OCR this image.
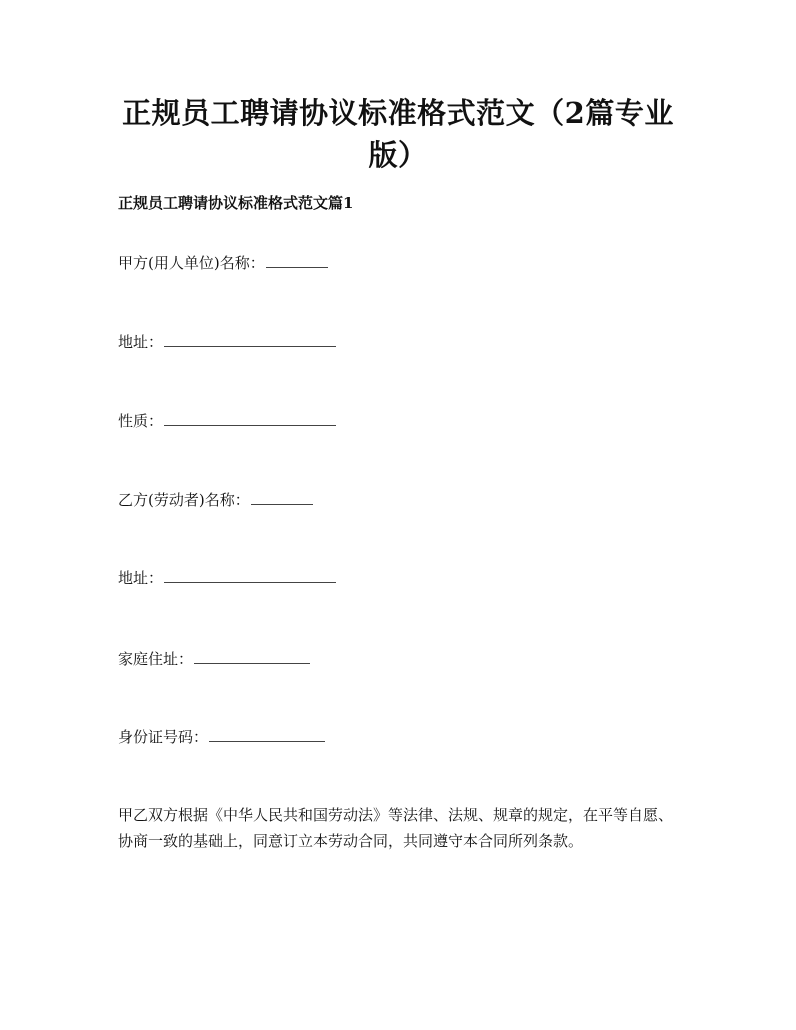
正规员工聘请协议标准格式范文（2篇专业版）
正规员工聘请协议标准格式范文篇1

甲方(用人单位)名称：

地址：

性质：

乙方(劳动者)名称：

地址：

家庭住址：

身份证号码：

甲乙双方根据《中华人民共和国劳动法》等法律、法规、规章的规定，在平等自愿、协商一致的基础上，同意订立本劳动合同，共同遵守本合同所列条款。
